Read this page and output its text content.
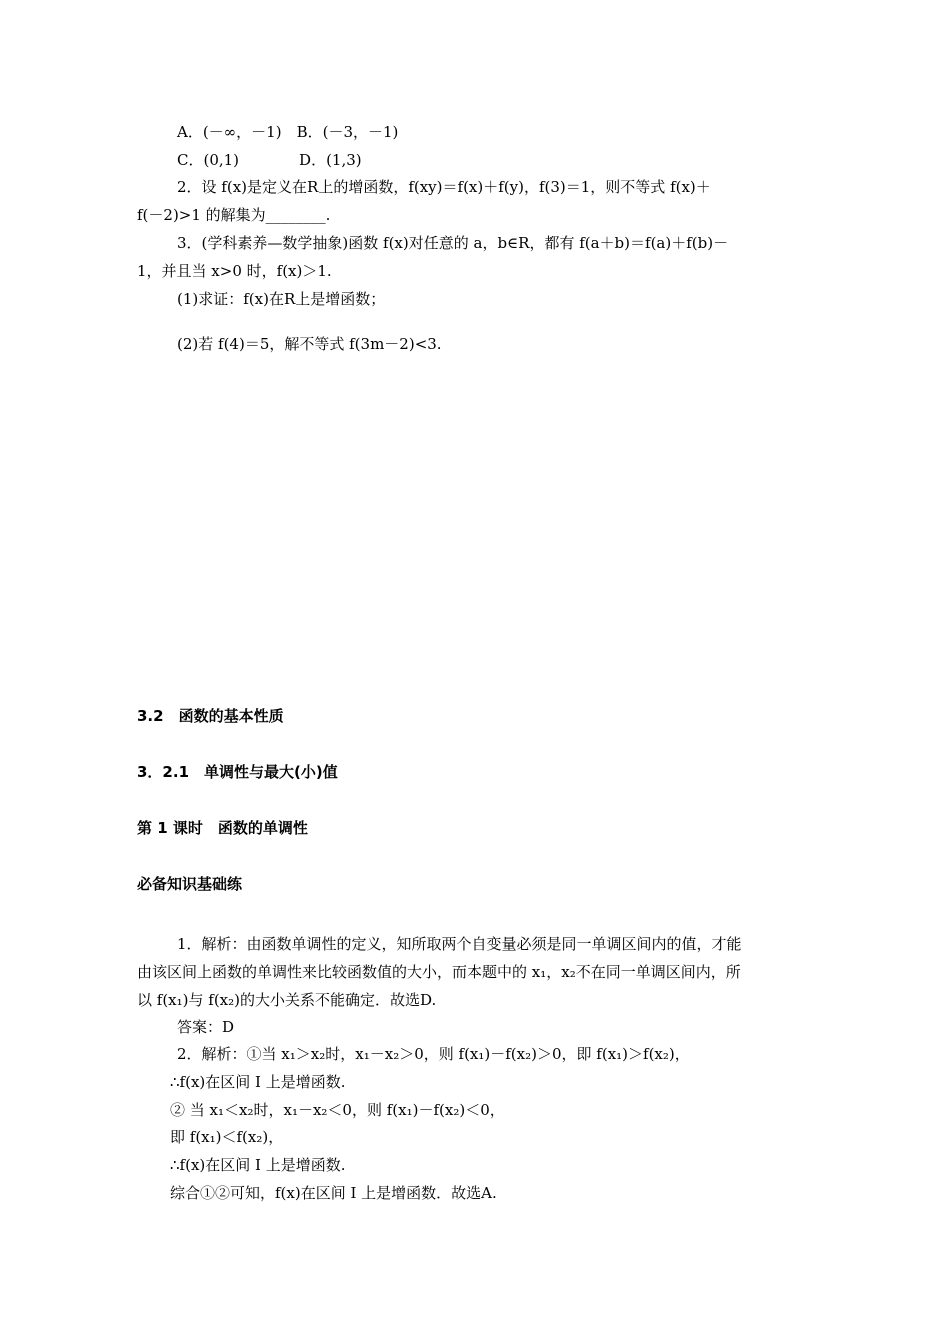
A．(－∞，－1)　B．(－3，－1)
C．(0,1)　　　　D．(1,3)
2．设 f(x)是定义在R上的增函数，f(xy)＝f(x)＋f(y)，f(3)＝1，则不等式 f(x)＋
f(－2)>1 的解集为________.
3．(学科素养—数学抽象)函数 f(x)对任意的 a，b∈R，都有 f(a＋b)＝f(a)＋f(b)－
1，并且当 x>0 时，f(x)＞1.
(1)求证：f(x)在R上是增函数；
(2)若 f(4)＝5，解不等式 f(3m－2)<3.
3.2　函数的基本性质
3．2.1　单调性与最大(小)值
第 1 课时　函数的单调性
必备知识基础练
1．解析：由函数单调性的定义，知所取两个自变量必须是同一单调区间内的值，才能
由该区间上函数的单调性来比较函数值的大小，而本题中的 x₁，x₂不在同一单调区间内，所
以 f(x₁)与 f(x₂)的大小关系不能确定．故选D.
答案：D
2．解析：①当 x₁＞x₂时，x₁－x₂＞0，则 f(x₁)－f(x₂)＞0，即 f(x₁)＞f(x₂)，
∴f(x)在区间 I 上是增函数.
② 当 x₁＜x₂时，x₁－x₂＜0，则 f(x₁)－f(x₂)＜0，
即 f(x₁)＜f(x₂)，
∴f(x)在区间 I 上是增函数.
综合①②可知，f(x)在区间 I 上是增函数．故选A.
